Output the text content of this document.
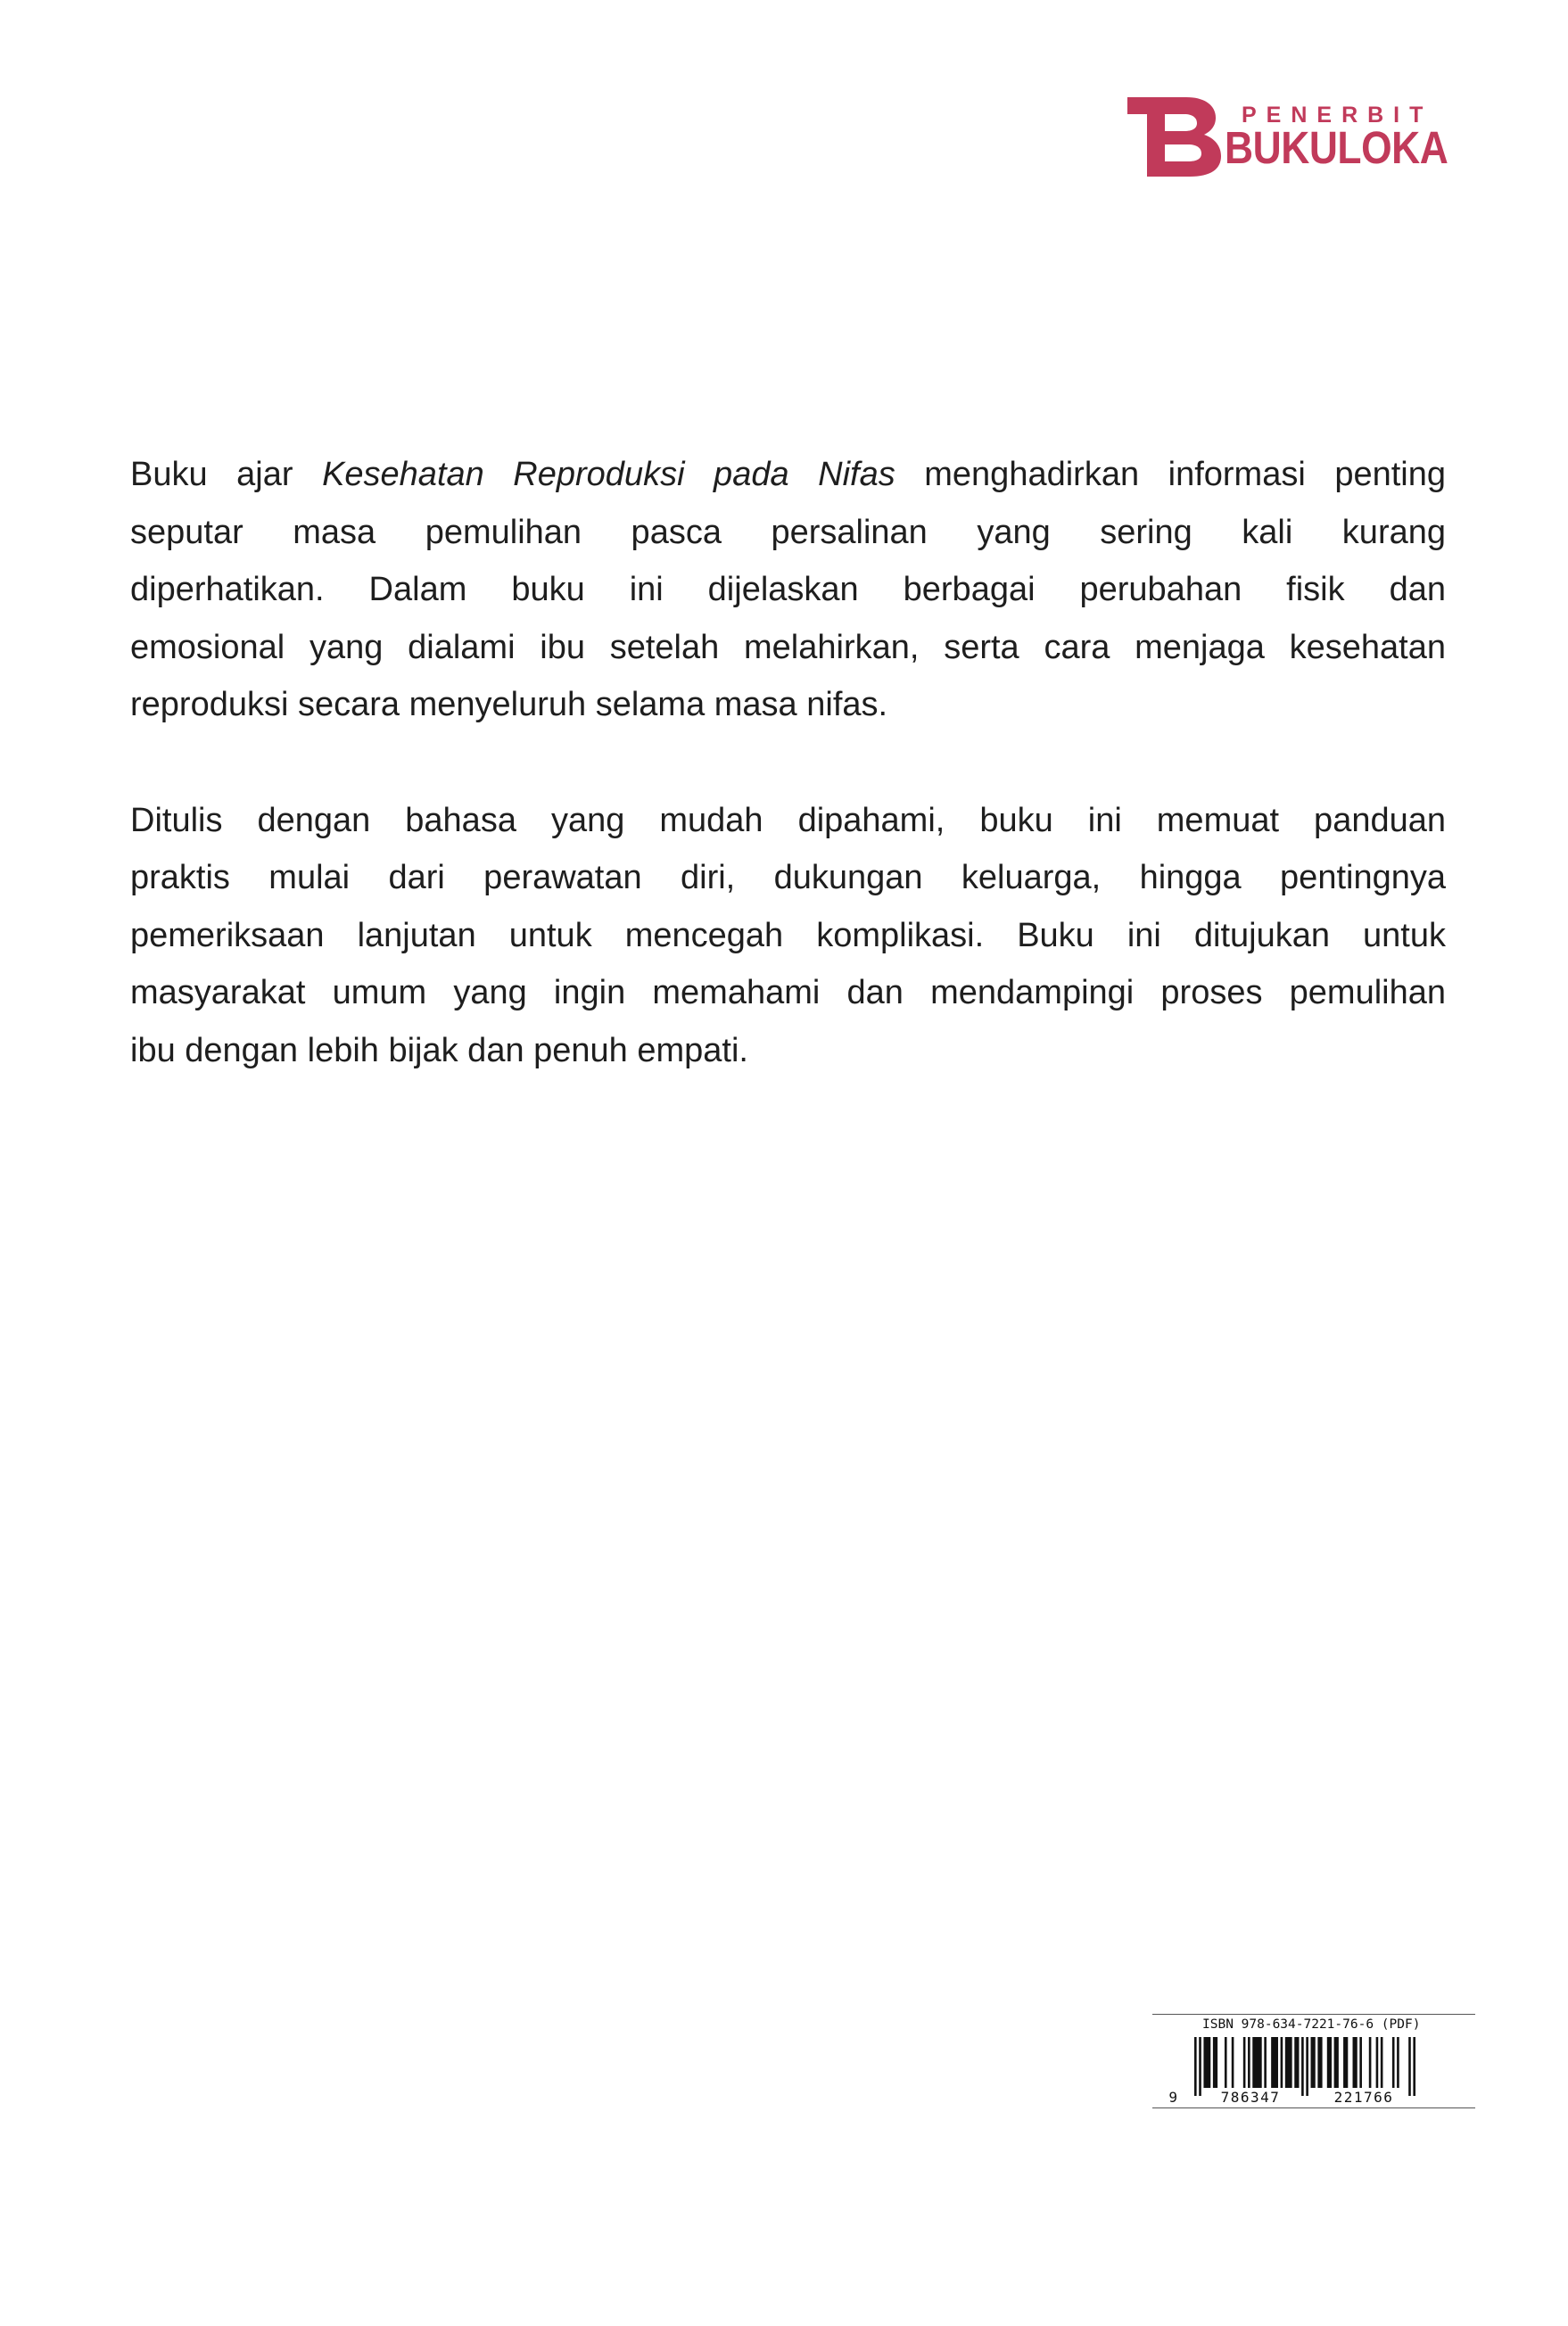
PENERBIT
BUKULOKA

Buku ajar Kesehatan Reproduksi pada Nifas menghadirkan informasi penting
seputar masa pemulihan pasca persalinan yang sering kali kurang
diperhatikan. Dalam buku ini dijelaskan berbagai perubahan fisik dan
emosional yang dialami ibu setelah melahirkan, serta cara menjaga kesehatan
reproduksi secara menyeluruh selama masa nifas.

Ditulis dengan bahasa yang mudah dipahami, buku ini memuat panduan
praktis mulai dari perawatan diri, dukungan keluarga, hingga pentingnya
pemeriksaan lanjutan untuk mencegah komplikasi. Buku ini ditujukan untuk
masyarakat umum yang ingin memahami dan mendampingi proses pemulihan
ibu dengan lebih bijak dan penuh empati.

ISBN 978-634-7221-76-6 (PDF)
9	786347	221766
